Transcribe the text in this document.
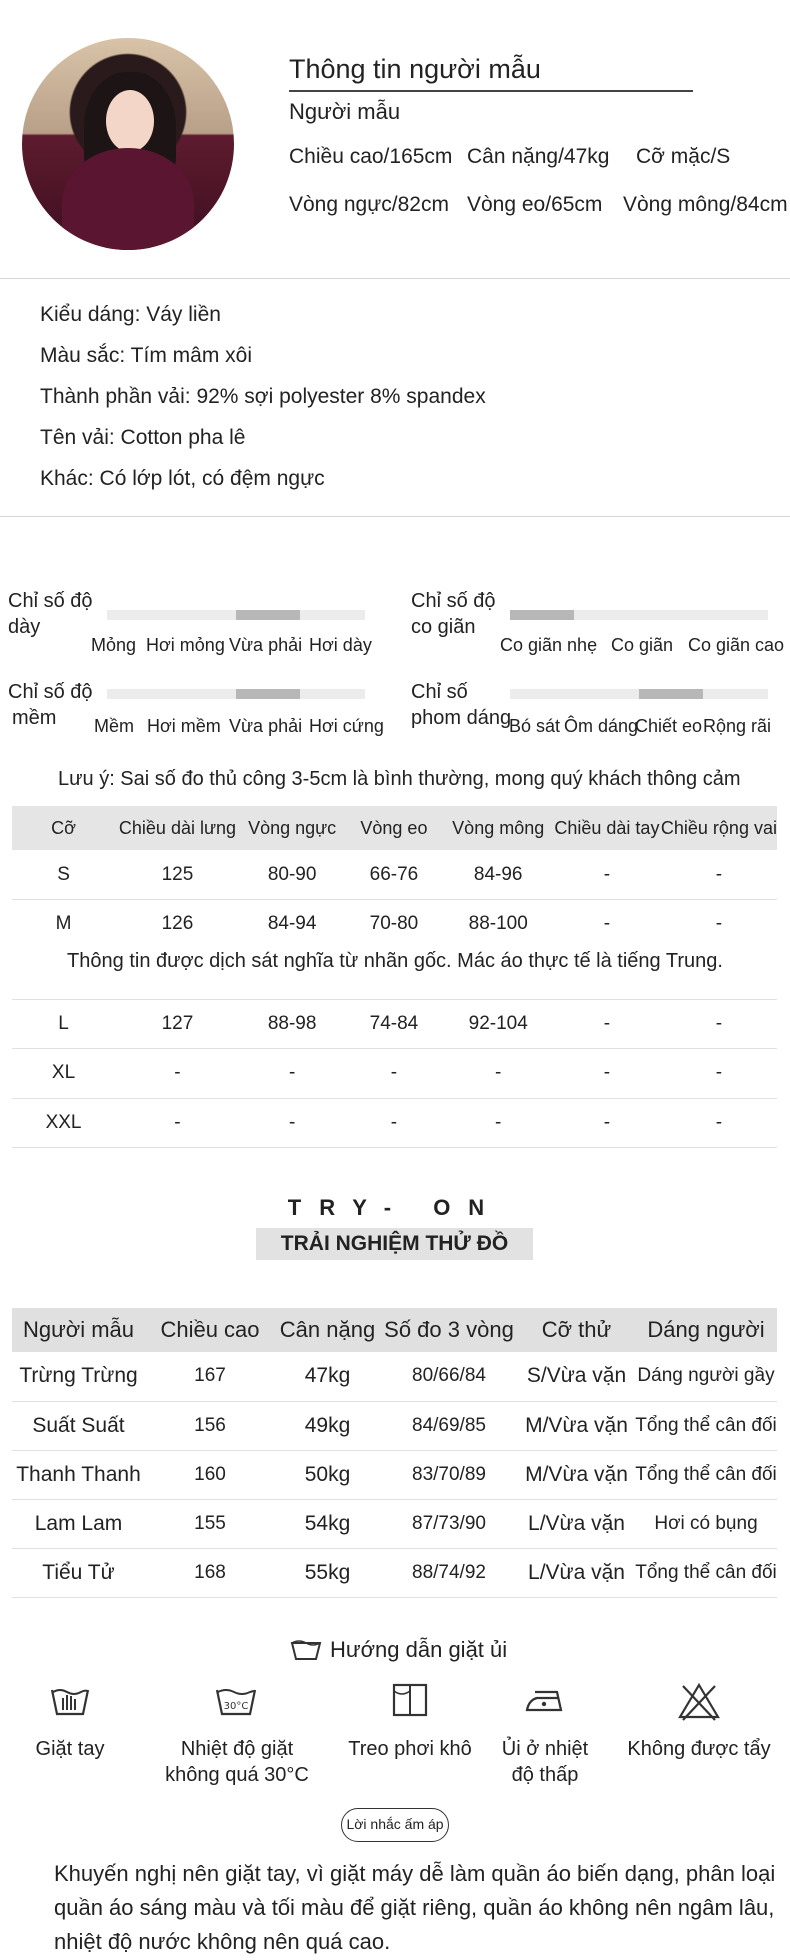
Thông tin người mẫu
Người mẫu
Chiều cao/165cm Cân nặng/47kg Cỡ mặc/S
Vòng ngực/82cm Vòng eo/65cm Vòng mông/84cm
Kiểu dáng: Váy liền
Màu sắc: Tím mâm xôi
Thành phần vải: 92% sợi polyester 8% spandex
Tên vải: Cotton pha lê
Khác: Có lớp lót, có đệm ngực
Chỉ số độ
dày
Mỏng Hơi mỏng Vừa phải Hơi dày
Chỉ số độ
co giãn
Co giãn nhẹ Co giãn Co giãn cao
Chỉ số độ
mềm	Mềm Hơi mềm Vừa phải Hơi cứng
Chỉ số
phom dáng
Bó sát Ôm dáng
Chiết eo Rộng rãi
Lưu ý: Sai số đo thủ công 3-5cm là bình thường, mong quý khách thông cảm
Cỡ	Chiều dài lưng	Vòng ngực	Vòng eo	Vòng mông	Chiều dài tay	Chiều rộng vai
S	125	80-90	66-76	84-96	-	-
M	126	84-94	70-80	88-100	-	-

L	127	88-98	74-84	92-104	-	-
XL	-	-	-	-	-	-
XXL	-	-	-	-	-	-
Thông tin được dịch sát nghĩa từ nhãn gốc. Mác áo thực tế là tiếng Trung.
TRY- ON
TRẢI NGHIỆM THỬ ĐỒ
Người mẫu	Chiều cao	Cân nặng	Số đo 3 vòng	Cỡ thử	Dáng người
Trừng Trừng	167	47kg	80/66/84	S/Vừa vặn	Dáng người gầy
Suất Suất	156	49kg	84/69/85	M/Vừa vặn	Tổng thể cân đối
Thanh Thanh	160	50kg	83/70/89	M/Vừa vặn	Tổng thể cân đối
Lam Lam	155	54kg	87/73/90	L/Vừa vặn	Hơi có bụng
Tiểu Tử	168	55kg	88/74/92	L/Vừa vặn	Tổng thể cân đối
Hướng dẫn giặt ủi
Giặt tay
30°C
Nhiệt độ giặt
không quá 30°C
Treo phơi khô	Ủi ở nhiệt
độ thấp
Không được tẩy
Lời nhắc ấm áp
Khuyến nghị nên giặt tay, vì giặt máy dễ làm quần áo biến dạng, phân loại
quần áo sáng màu và tối màu để giặt riêng, quần áo không nên ngâm lâu,
nhiệt độ nước không nên quá cao.
